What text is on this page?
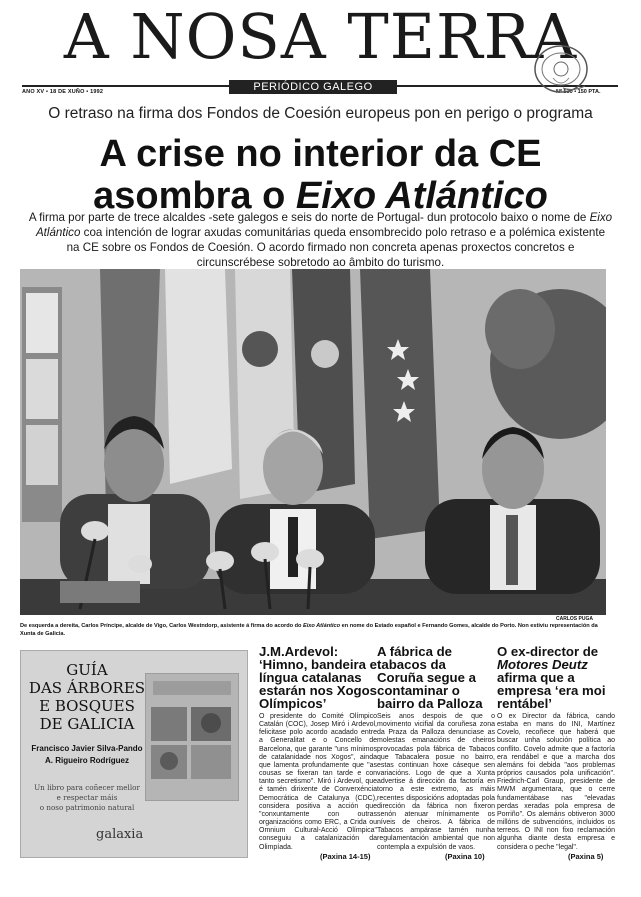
A NOSA TERRA
ANO XV • 18 DE XUÑO • 1992	PERIÓDICO GALEGO SEMANAL
Nº 530 • 150 PTA.
O retraso na firma dos Fondos de Coesión europeus pon en perigo o programa
A crise no interior da CE
asombra o Eixo Atlántico
A firma por parte de trece alcaldes -sete galegos e seis do norte de Portugal- dun protocolo baixo o nome de Eixo Atlántico coa intención de lograr axudas comunitárias queda ensombrecido polo retraso e a polémica existente na CE sobre os Fondos de Coesión. O acordo firmado non concreta apenas proxectos concretos e circunscrébese sobretodo ao âmbito do turismo.
CARLOS PUGA
De esquerda a dereita, Carlos Príncipe, alcalde de Vigo, Carlos Westndorp, asistente á firma do acordo do Eixo Atlántico en nome do Estado español e Fernando Gomes, alcalde do Porto. Non estiviu representación da Xunta de Galicia.
GUÍA
DAS ÁRBORES
E BOSQUES
DE GALICIA
Francisco Javier Silva-Pando
A. Rigueiro Rodríguez
Un libro para coñecer mellor
e respectar máis
o noso patrimonio natural
galaxia
J.M.Ardevol: ‘Himno, bandeira e língua catalanas estarán nos Xogos Olímpicos’

O presidente do Comité Olímpico Catalán (COC), Josep Miró i Ardevol, felicitase polo acordo acadado entre a Generalitat e o Concello de Barcelona, que garante "uns mínimos de catalanidade nos Xogos", ainda que lamenta profundamente que "as cousas se fixeran tan tarde e con tanto secretismo". Miró i Ardevol, que é tamén dirixente de Converxéncia Democrática de Catalunya (CDC), considera positiva a acción que "conxuntamente con outras organizacións como ERC, a Crida ou Omnium Cultural-Acció Olímpica" conseguiu a catalanización da Olimpíada.

(Paxina 14-15)
A fábrica de tabacos da Coruña segue a contaminar o bairro da Palloza

Seis anos despois de que o movimento vicifial da coruñesa zona da Praza da Palloza denunciase as molestas emanacións de cheiros provocadas pola fábrica de Tabacos que Tabacalera posue no bairro, estas continuan hoxe cáseque sen variacións. Logo de que a Xunta advertise á dirección da factoría en torno a este extremo, as máis recentes disposicións adoptadas pola dirección da fábrica non fixeron senón atenuar mínimamente os níveis de cheiros. A fábrica de Tabacos ampárase tamén nunha regulamentación ambiental que non contempla a expulsión de vaos.

(Paxina 10)
O ex-director de Motores Deutz afirma que a empresa ‘era moi rentábel’

O ex Director da fábrica, cando estaba en mans do INI, Martínez Covelo, recoñece que haberá que buscar unha solución política ao conflito. Covelo admite que a factoría era rendábel e que a marcha dos alemáns foi debida "aos problemas próprios causados pola unificación". Friedrich-Carl Graup, presidente de MWM argumentara, que o cerre fundamentábase nas "elevadas perdas xeradas pola empresa de Porriño". Os alemáns obtiveron 3000 millóns de subvencións, incluidos os terreos. O INI non fixo reclamación algunha diante desta empresa e considera o peche "legal".

(Paxina 5)
